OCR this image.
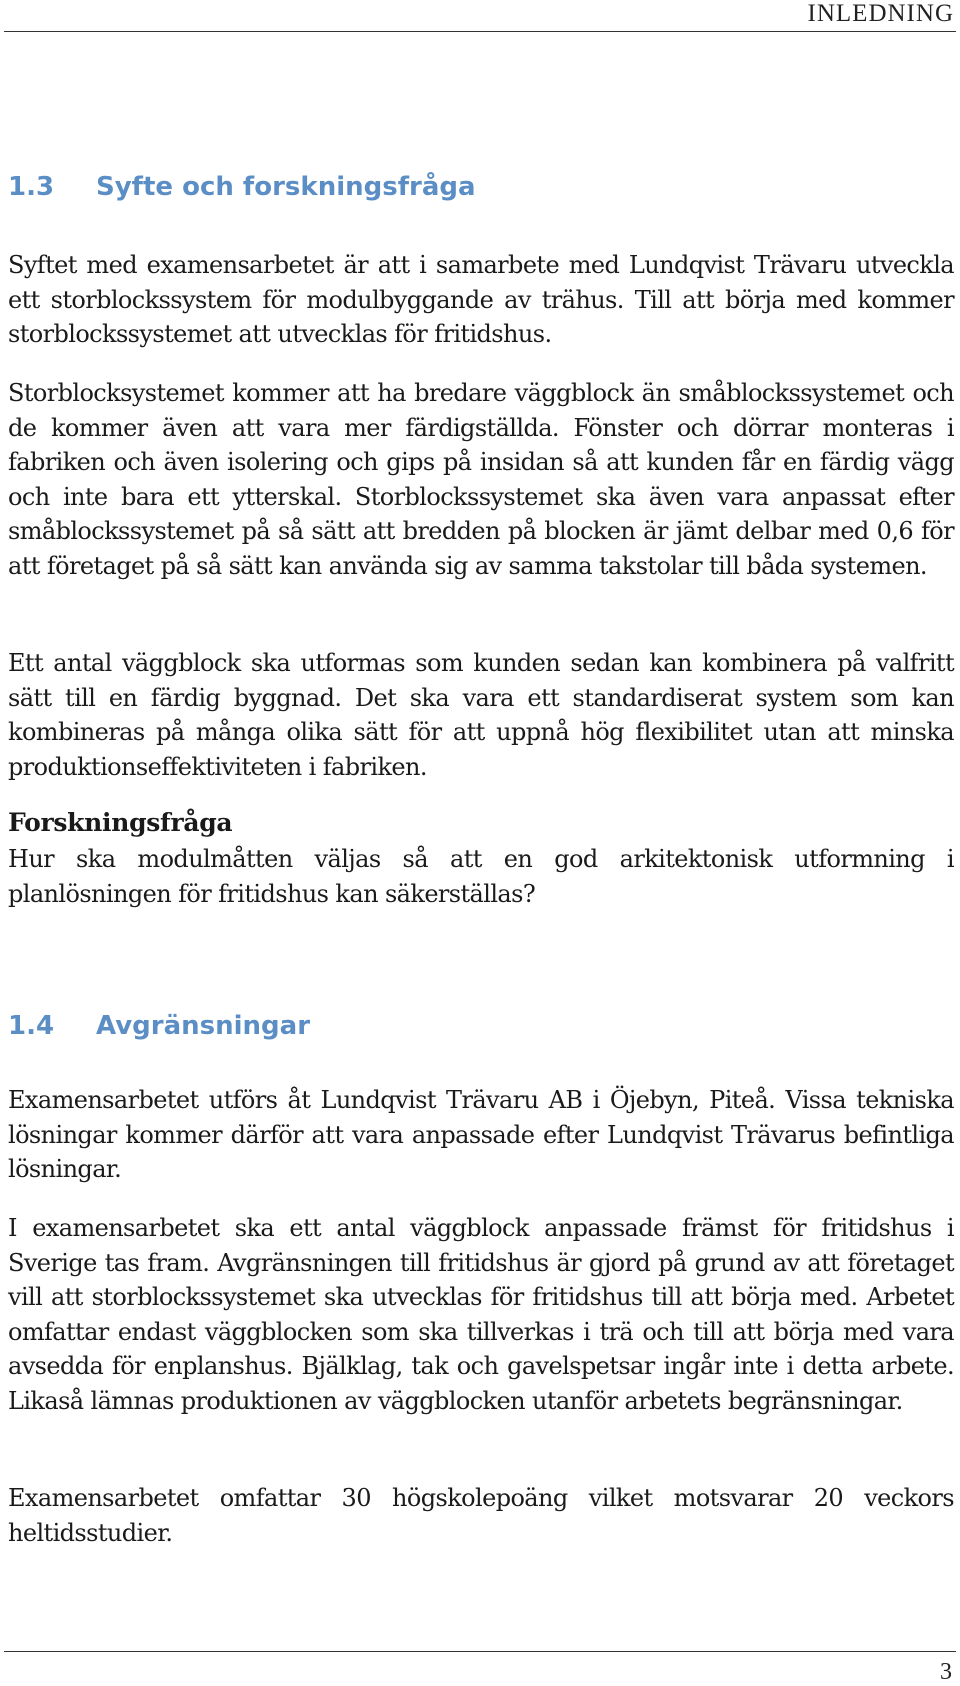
INLEDNING
1.3 Syfte och forskningsfråga

Syftet med examensarbetet är att i samarbete med Lundqvist Trävaru utveckla ett storblockssystem för modulbyggande av trähus. Till att börja med kommer storblockssystemet att utvecklas för fritidshus.

Storblocksystemet kommer att ha bredare väggblock än småblockssystemet och de kommer även att vara mer färdigställda. Fönster och dörrar monteras i fabriken och även isolering och gips på insidan så att kunden får en färdig vägg och inte bara ett ytterskal. Storblockssystemet ska även vara anpassat efter småblockssystemet på så sätt att bredden på blocken är jämt delbar med 0,6 för att företaget på så sätt kan använda sig av samma takstolar till båda systemen.

Ett antal väggblock ska utformas som kunden sedan kan kombinera på valfritt sätt till en färdig byggnad. Det ska vara ett standardiserat system som kan kombineras på många olika sätt för att uppnå hög flexibilitet utan att minska produktionseffektiviteten i fabriken.

Forskningsfråga

Hur ska modulmåtten väljas så att en god arkitektonisk utformning i planlösningen för fritidshus kan säkerställas?

1.4 Avgränsningar

Examensarbetet utförs åt Lundqvist Trävaru AB i Öjebyn, Piteå. Vissa tekniska lösningar kommer därför att vara anpassade efter Lundqvist Trävarus befintliga lösningar.

I examensarbetet ska ett antal väggblock anpassade främst för fritidshus i Sverige tas fram. Avgränsningen till fritidshus är gjord på grund av att företaget vill att storblockssystemet ska utvecklas för fritidshus till att börja med. Arbetet omfattar endast väggblocken som ska tillverkas i trä och till att börja med vara avsedda för enplanshus. Bjälklag, tak och gavelspetsar ingår inte i detta arbete. Likaså lämnas produktionen av väggblocken utanför arbetets begränsningar.

Examensarbetet omfattar 30 högskolepoäng vilket motsvarar 20 veckors heltidsstudier.

3
